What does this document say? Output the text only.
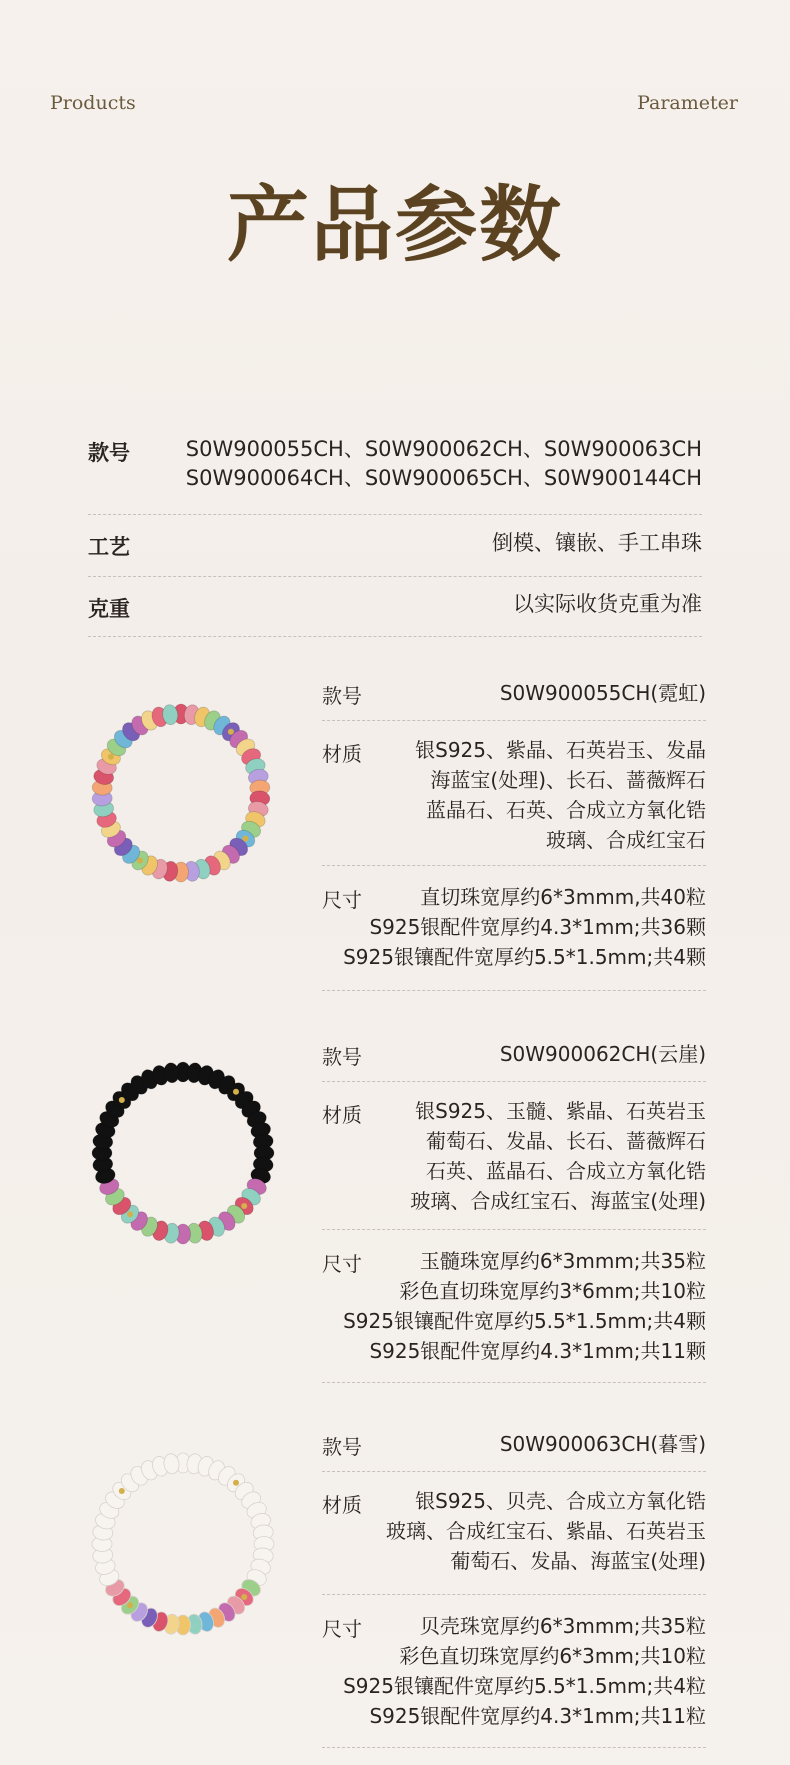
Products	Parameter
产品参数
款号	S0W900055CH、S0W900062CH、S0W900063CH
S0W900064CH、S0W900065CH、S0W900144CH
工艺	倒模、镶嵌、手工串珠
克重	以实际收货克重为准
款号	S0W900055CH(霓虹)
材质	银S925、紫晶、石英岩玉、发晶
海蓝宝(处理)、长石、蔷薇辉石
蓝晶石、石英、合成立方氧化锆
玻璃、合成红宝石
尺寸	直切珠宽厚约6*3mmm,共40粒
S925银配件宽厚约4.3*1mm;共36颗
S925银镶配件宽厚约5.5*1.5mm;共4颗
款号	S0W900062CH(云崖)
材质	银S925、玉髓、紫晶、石英岩玉
葡萄石、发晶、长石、蔷薇辉石
石英、蓝晶石、合成立方氧化锆
玻璃、合成红宝石、海蓝宝(处理)
尺寸	玉髓珠宽厚约6*3mmm;共35粒
彩色直切珠宽厚约3*6mm;共10粒
S925银镶配件宽厚约5.5*1.5mm;共4颗
S925银配件宽厚约4.3*1mm;共11颗
款号	S0W900063CH(暮雪)
材质	银S925、贝壳、合成立方氧化锆
玻璃、合成红宝石、紫晶、石英岩玉
葡萄石、发晶、海蓝宝(处理)
尺寸	贝壳珠宽厚约6*3mmm;共35粒
彩色直切珠宽厚约6*3mm;共10粒
S925银镶配件宽厚约5.5*1.5mm;共4粒
S925银配件宽厚约4.3*1mm;共11粒
